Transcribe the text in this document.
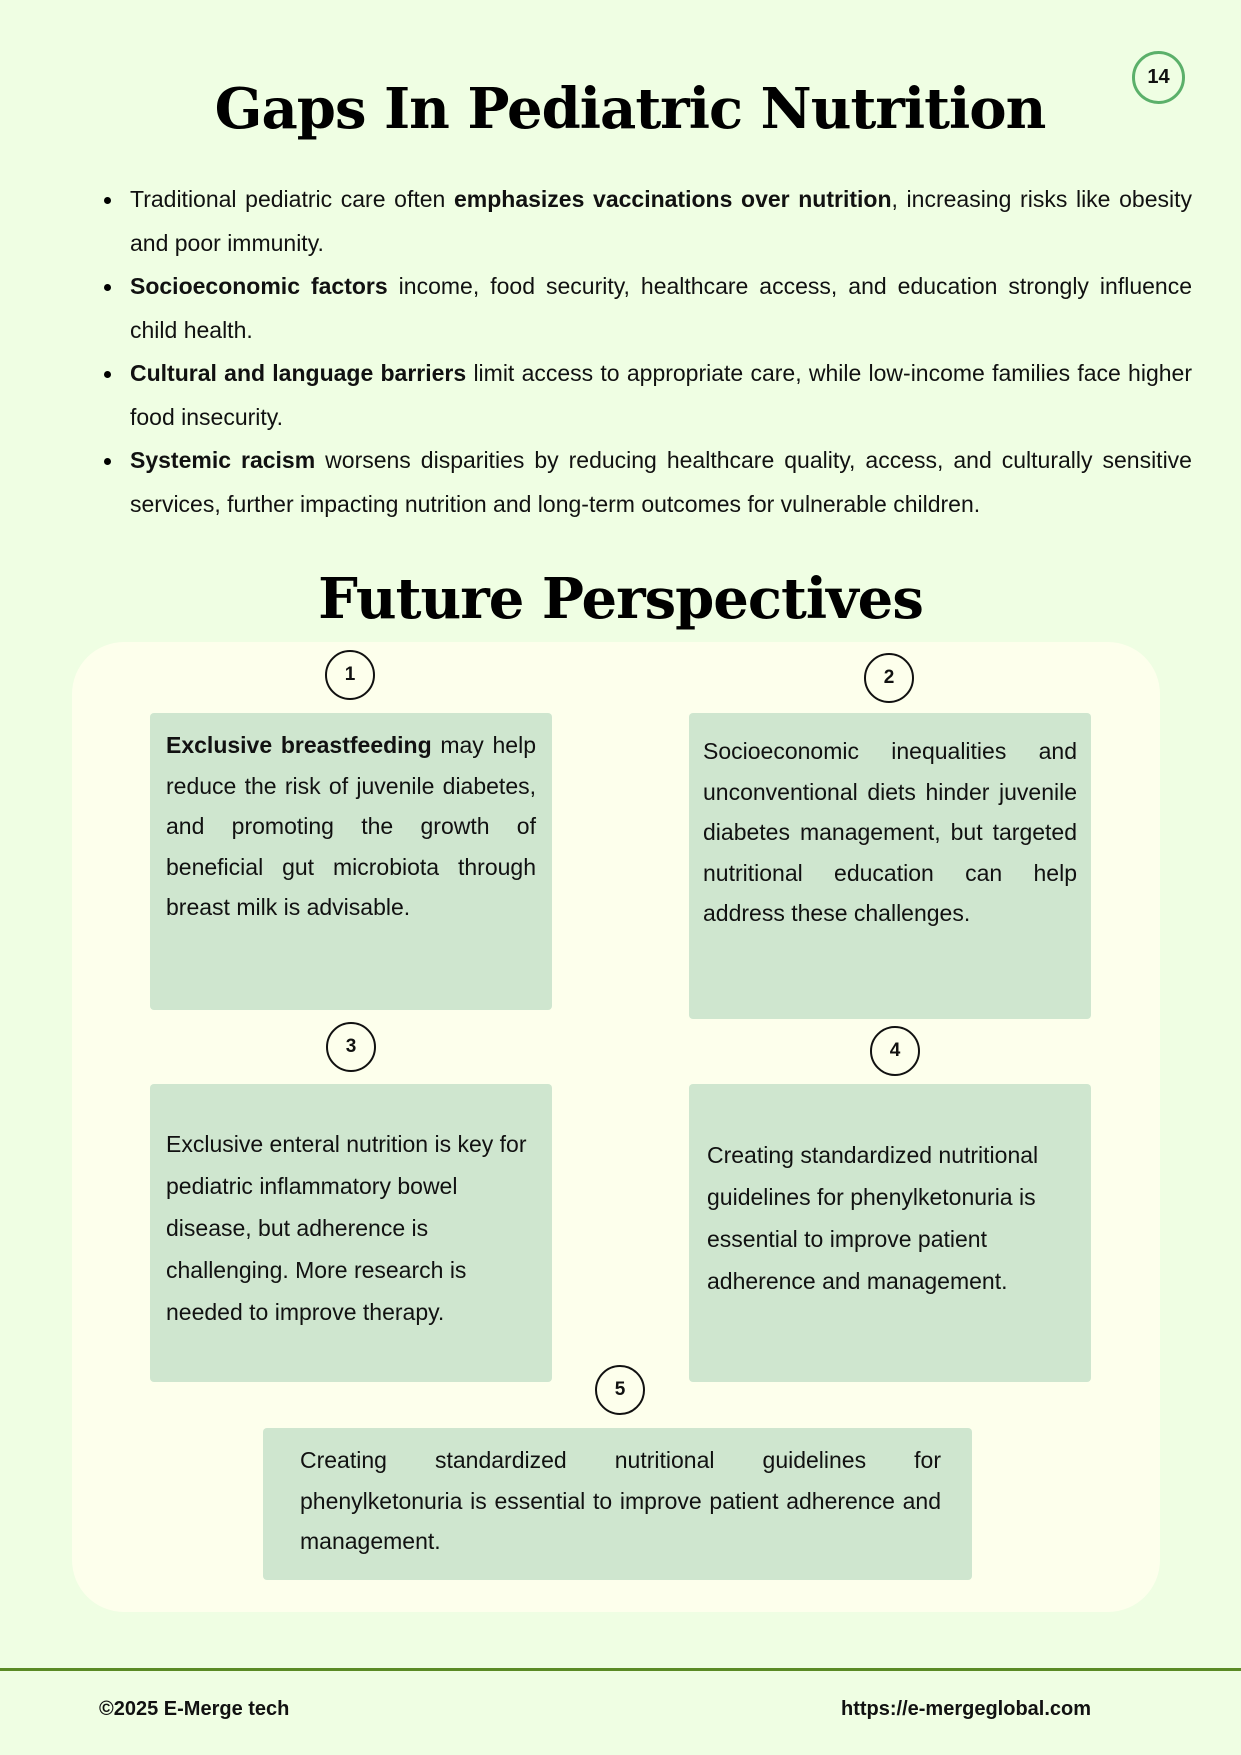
14
Gaps In Pediatric Nutrition
Traditional pediatric care often emphasizes vaccinations over nutrition, increasing risks like obesity and poor immunity.
Socioeconomic factors income, food security, healthcare access, and education strongly influence child health.
Cultural and language barriers limit access to appropriate care, while low-income families face higher food insecurity.
Systemic racism worsens disparities by reducing healthcare quality, access, and culturally sensitive services, further impacting nutrition and long-term outcomes for vulnerable children.
Future Perspectives
1

Exclusive breastfeeding may help reduce the risk of juvenile diabetes, and promoting the growth of beneficial gut microbiota through breast milk is advisable.

2

Socioeconomic inequalities and unconventional diets hinder juvenile diabetes management, but targeted nutritional education can help address these challenges.

3

Exclusive enteral nutrition is key for pediatric inflammatory bowel disease, but adherence is challenging. More research is needed to improve therapy.

4

Creating standardized nutritional guidelines for phenylketonuria is essential to improve patient adherence and management.

5

Creating standardized nutritional guidelines for phenylketonuria is essential to improve patient adherence and management.

©2025 E-Merge tech	https://e-mergeglobal.com
